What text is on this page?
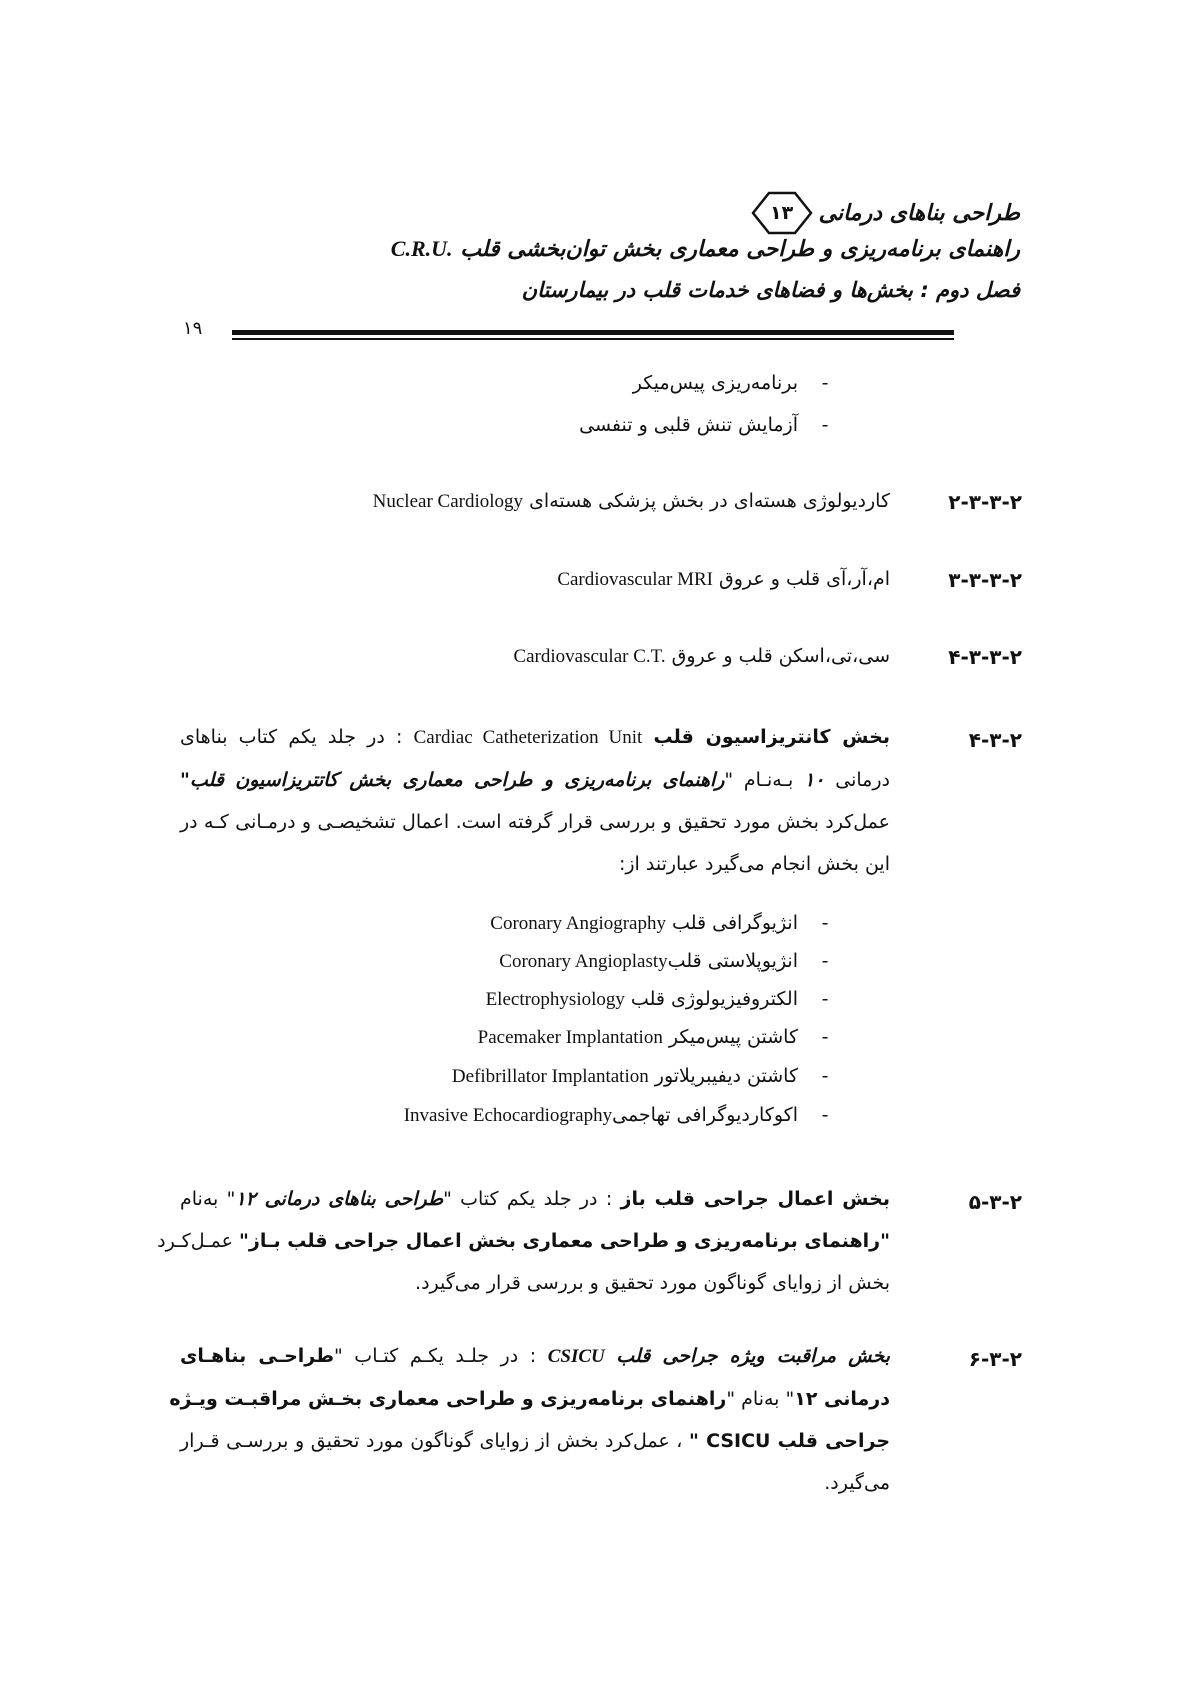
طراحی بناهای درمانی
۱۳
راهنمای برنامه‌ریزی و طراحی معماری بخش توان‌بخشی قلب C.R.U.
فصل دوم : بخش‌ها و فضاهای خدمات قلب در بیمارستان
۱۹
-
برنامه‌ریزی پیس‌میکر
-
آزمایش تنش قلبی و تنفسی
۲-۳-۳-۲
کاردیولوژی هسته‌ای در بخش پزشکی هسته‌ای Nuclear Cardiology
۳-۳-۳-۲
ام،آر،آی قلب و عروق Cardiovascular MRI
۴-۳-۳-۲
سی،تی،اسکن قلب و عروق Cardiovascular C.T.
۴-۳-۲
بخش کانتریزاسیون قلب Cardiac Catheterization Unit : در جلد یکم کتاب بناهای
درمانی ۱۰ بـه‌نـام "راهنمای برنامه‌ریزی و طراحی معماری بخش کاتتریزاسیون قلب"
عمل‌کرد بخش مورد تحقیق و بررسی قرار گرفته است. اعمال تشخیصـی و درمـانی کـه در
این بخش انجام می‌گیرد عبارتند از:
-
انژیوگرافی قلب Coronary Angiography
-
انژیوپلاستی قلبCoronary Angioplasty
-
الکتروفیزیولوژی قلب Electrophysiology
-
کاشتن پیس‌میکر Pacemaker Implantation
-
کاشتن دیفیبریلاتور Defibrillator Implantation
-
اکوکاردیوگرافی تهاجمیInvasive Echocardiography
۵-۳-۲
بخش اعمال جراحی قلب باز : در جلد یکم کتاب "طراحی بناهای درمانی ۱۲" به‌نام
"راهنمای برنامه‌ریزی و طراحی معماری بخش اعمال جراحی قلب بـاز" عمـل‌کـرد
بخش از زوایای گوناگون مورد تحقیق و بررسی قرار می‌گیرد.
۶-۳-۲
بخش مراقبت ویژه جراحی قلب CSICU : در جلـد یکـم کتـاب "طراحـی بناهـای
درمانی ۱۲" به‌نام "راهنمای برنامه‌ریزی و طراحی معماری بخـش مراقبـت ویـژه
جراحی قلب CSICU " ، عمل‌کرد بخش از زوایای گوناگون مورد تحقیق و بررسـی قـرار
می‌گیرد.
